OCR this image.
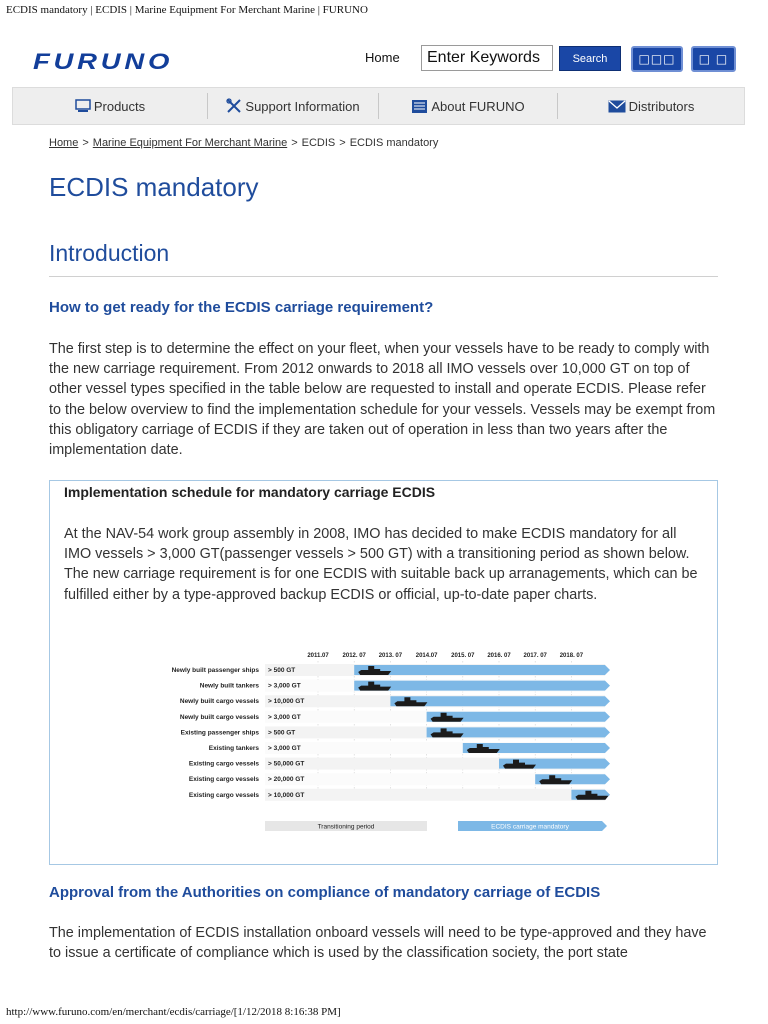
ECDIS mandatory | ECDIS | Marine Equipment For Merchant Marine | FURUNO
FURUNO	Home
Enter Keywords	Search	□□□	□ □
Products	Support Information	About FURUNO	Distributors
Home > Marine Equipment For Merchant Marine > ECDIS > ECDIS mandatory
ECDIS mandatory
Introduction
How to get ready for the ECDIS carriage requirement?

The first step is to determine the effect on your fleet, when your vessels have to be ready to comply with the new carriage requirement. From 2012 onwards to 2018 all IMO vessels over 10,000 GT on top of other vessel types specified in the table below are requested to install and operate ECDIS. Please refer to the below overview to find the implementation schedule for your vessels. Vessels may be exempt from this obligatory carriage of ECDIS if they are taken out of operation in less than two years after the implementation date.

Implementation schedule for mandatory carriage ECDIS
At the NAV-54 work group assembly in 2008, IMO has decided to make ECDIS mandatory for all IMO vessels > 3,000 GT(passenger vessels > 500 GT) with a transitioning period as shown below.
The new carriage requirement is for one ECDIS with suitable back up arranagements, which can be fulfilled either by a type-approved backup ECDIS or official, up-to-date paper charts.
2011.07 2012. 07 2013. 07 2014.07 2015. 07 2016. 07 2017. 07 2018. 07
Newly built passenger ships > 500 GT
Newly built tankers > 3,000 GT
Newly built cargo vessels > 10,000 GT
Newly built cargo vessels > 3,000 GT
Existing passenger ships > 500 GT
Existing tankers > 3,000 GT
Existing cargo vessels > 50,000 GT
Existing cargo vessels > 20,000 GT
Existing cargo vessels > 10,000 GT
Transitioning period	ECDIS carriage mandatory
Approval from the Authorities on compliance of mandatory carriage of ECDIS

The implementation of ECDIS installation onboard vessels will need to be type-approved and they have to issue a certificate of compliance which is used by the classification society, the port state

http://www.furuno.com/en/merchant/ecdis/carriage/[1/12/2018 8:16:38 PM]
